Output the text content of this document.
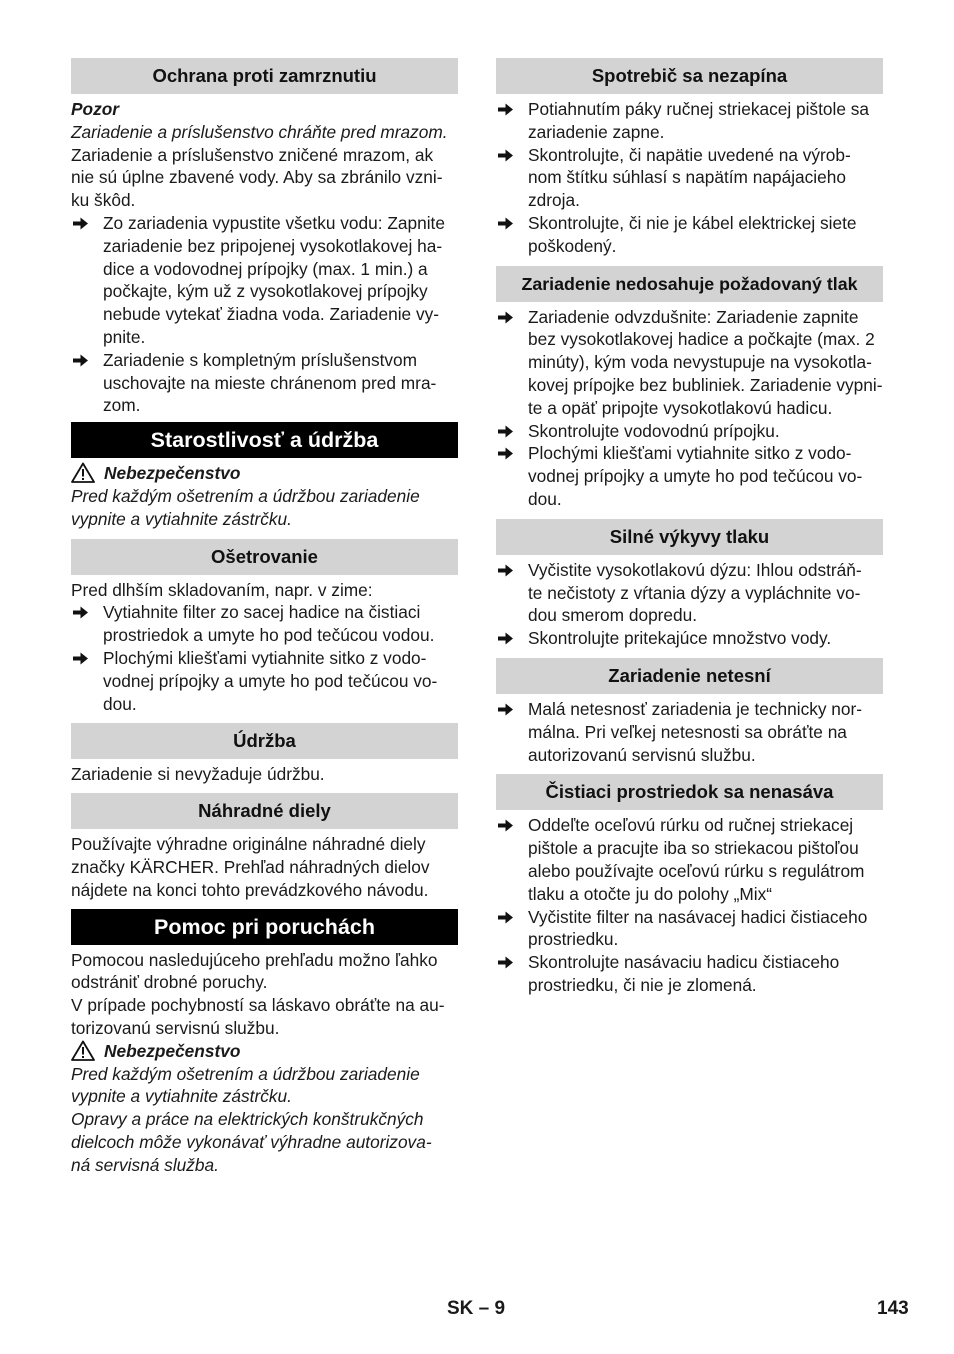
Ochrana proti zamrznutiu
Pozor
Zariadenie a príslušenstvo chráňte pred mrazom.
Zariadenie a príslušenstvo zničené mrazom, ak
nie sú úplne zbavené vody. Aby sa zbránilo vzni-
ku škôd.
Zo zariadenia vypustite všetku vodu: Zapnite
zariadenie bez pripojenej vysokotlakovej ha-
dice a vodovodnej prípojky (max. 1 min.) a
počkajte, kým už z vysokotlakovej prípojky
nebude vytekať žiadna voda. Zariadenie vy-
pnite.
Zariadenie s kompletným príslušenstvom
uschovajte na mieste chránenom pred mra-
zom.
Starostlivosť a údržba
Nebezpečenstvo
Pred každým ošetrením a údržbou zariadenie
vypnite a vytiahnite zástrčku.
Ošetrovanie
Pred dlhším skladovaním, napr. v zime:
Vytiahnite filter zo sacej hadice na čistiaci
prostriedok a umyte ho pod tečúcou vodou.
Plochými kliešťami vytiahnite sitko z vodo-
vodnej prípojky a umyte ho pod tečúcou vo-
dou.
Údržba
Zariadenie si nevyžaduje údržbu.
Náhradné diely
Používajte výhradne originálne náhradné diely
značky KÄRCHER. Prehľad náhradných dielov
nájdete na konci tohto prevádzkového návodu.
Pomoc pri poruchách
Pomocou nasledujúceho prehľadu možno ľahko
odstrániť drobné poruchy.
V prípade pochybností sa láskavo obráťte na au-
torizovanú servisnú službu.
Nebezpečenstvo
Pred každým ošetrením a údržbou zariadenie
vypnite a vytiahnite zástrčku.
Opravy a práce na elektrických konštrukčných
dielcoch môže vykonávať výhradne autorizova-
ná servisná služba.
Spotrebič sa nezapína
Potiahnutím páky ručnej striekacej pištole sa
zariadenie zapne.
Skontrolujte, či napätie uvedené na výrob-
nom štítku súhlasí s napätím napájacieho
zdroja.
Skontrolujte, či nie je kábel elektrickej siete
poškodený.
Zariadenie nedosahuje požadovaný tlak
Zariadenie odvzdušnite: Zariadenie zapnite
bez vysokotlakovej hadice a počkajte (max. 2
minúty), kým voda nevystupuje na vysokotla-
kovej prípojke bez bubliniek. Zariadenie vypni-
te a opäť pripojte vysokotlakovú hadicu.
Skontrolujte vodovodnú prípojku.
Plochými kliešťami vytiahnite sitko z vodo-
vodnej prípojky a umyte ho pod tečúcou vo-
dou.
Silné výkyvy tlaku
Vyčistite vysokotlakovú dýzu: Ihlou odstráň-
te nečistoty z vŕtania dýzy a vypláchnite vo-
dou smerom dopredu.
Skontrolujte pritekajúce množstvo vody.
Zariadenie netesní
Malá netesnosť zariadenia je technicky nor-
málna. Pri veľkej netesnosti sa obráťte na
autorizovanú servisnú službu.
Čistiaci prostriedok sa nenasáva
Oddeľte oceľovú rúrku od ručnej striekacej
pištole a pracujte iba so striekacou pištoľou
alebo používajte oceľovú rúrku s regulátrom
tlaku a otočte ju do polohy „Mix“
Vyčistite filter na nasávacej hadici čistiaceho
prostriedku.
Skontrolujte nasávaciu hadicu čistiaceho
prostriedku, či nie je zlomená.
SK – 9	143
